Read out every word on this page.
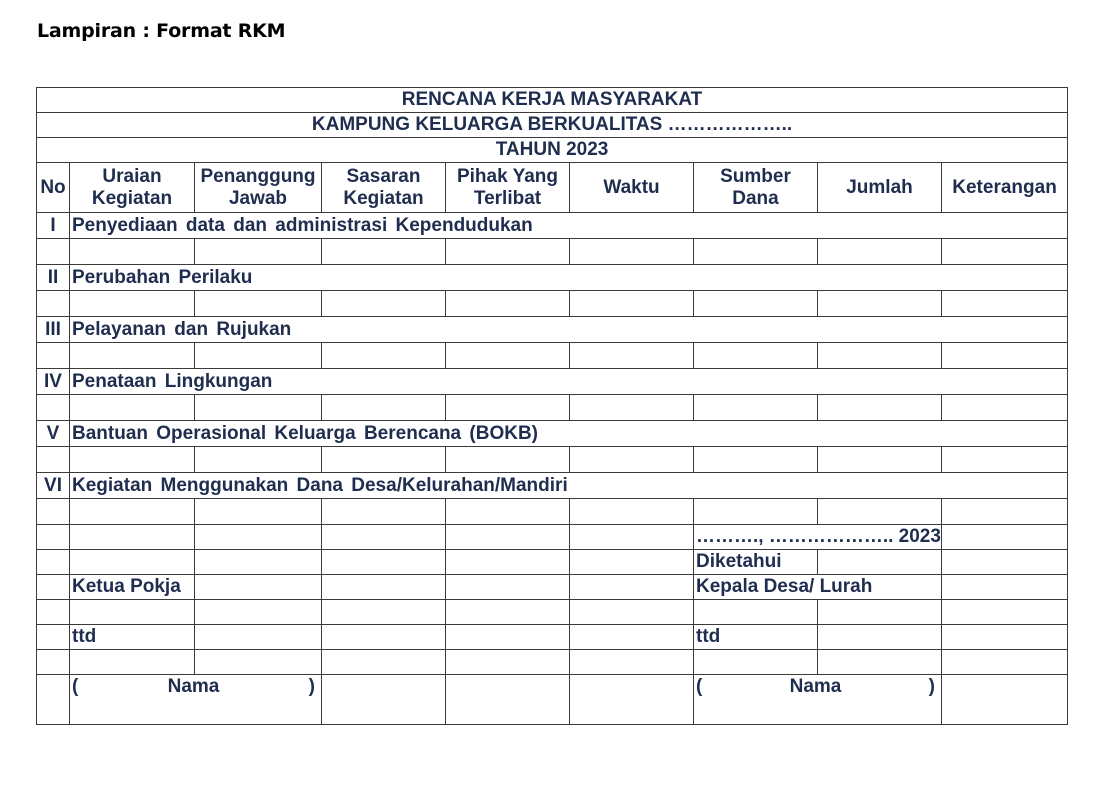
Lampiran : Format RKM
RENCANA KERJA MASYARAKAT								
KAMPUNG KELUARGA BERKUALITAS ………………..								
TAHUN 2023								
No	Uraian Kegiatan	Penanggung Jawab	Sasaran Kegiatan	Pihak Yang Terlibat	Waktu	Sumber Dana	Jumlah	Keterangan
I	Penyediaan data dan administrasi Kependudukan							

II	Perubahan Perilaku							

III	Pelayanan dan Rujukan							

IV	Penataan Lingkungan							

V	Bantuan Operasional Keluarga Berencana (BOKB)							

VI	Kegiatan Menggunakan Dana Desa/Kelurahan/Mandiri							

						………., ……………….. 2023		
						Diketahui		
	Ketua Pokja					Kepala Desa/ Lurah		

	ttd					ttd		

	( Nama )					( Nama )		
